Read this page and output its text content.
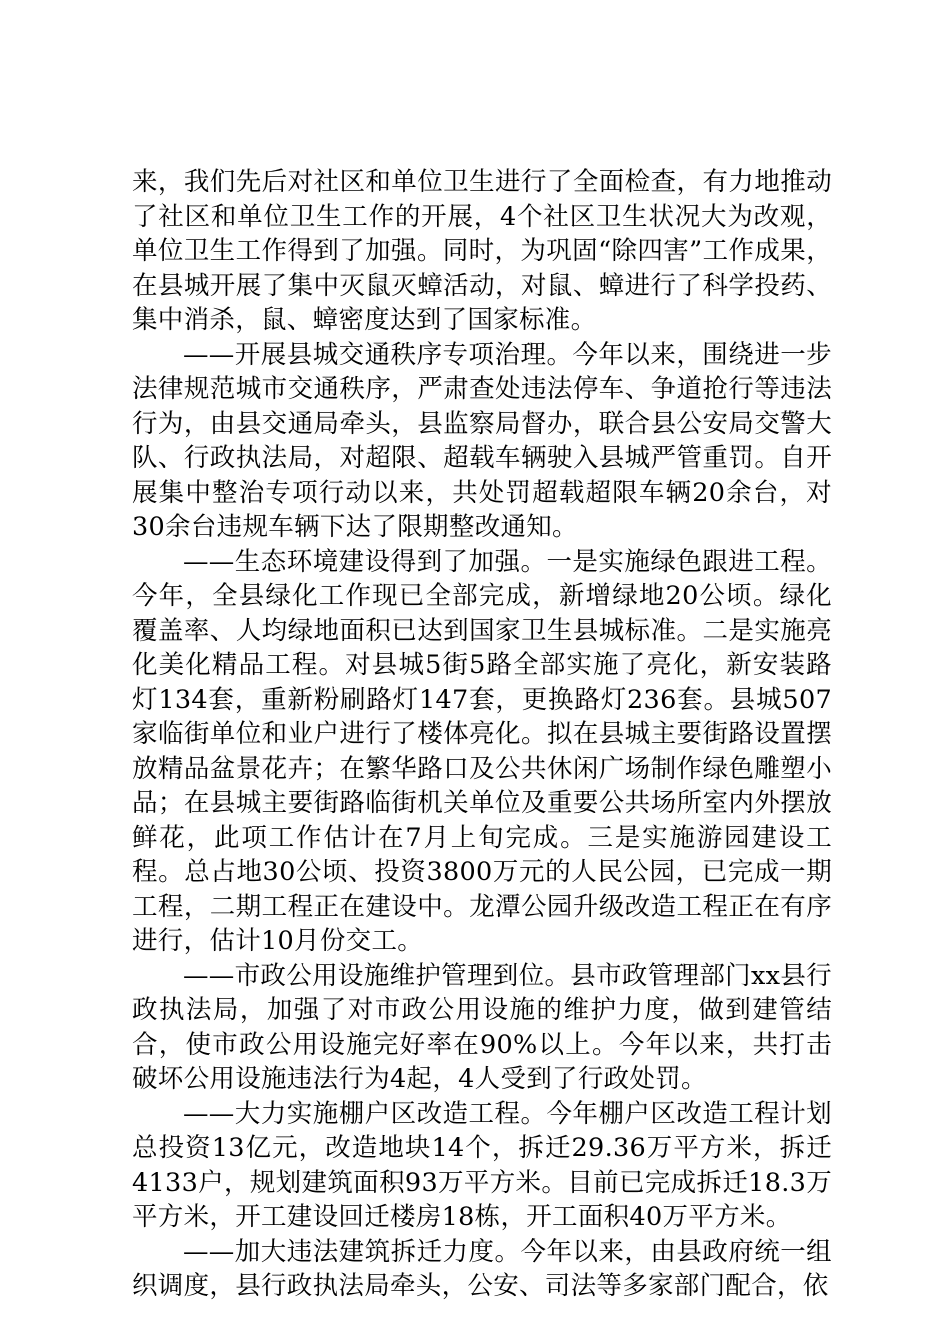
来，我们先后对社区和单位卫生进行了全面检查，有力地推动了社区和单位卫生工作的开展，4个社区卫生状况大为改观，单位卫生工作得到了加强。同时，为巩固“除四害”工作成果，在县城开展了集中灭鼠灭蟑活动，对鼠、蟑进行了科学投药、集中消杀，鼠、蟑密度达到了国家标准。

——开展县城交通秩序专项治理。今年以来，围绕进一步法律规范城市交通秩序，严肃查处违法停车、争道抢行等违法行为，由县交通局牵头，县监察局督办，联合县公安局交警大队、行政执法局，对超限、超载车辆驶入县城严管重罚。自开展集中整治专项行动以来，共处罚超载超限车辆20余台，对30余台违规车辆下达了限期整改通知。

——生态环境建设得到了加强。一是实施绿色跟进工程。今年，全县绿化工作现已全部完成，新增绿地20公顷。绿化覆盖率、人均绿地面积已达到国家卫生县城标准。二是实施亮化美化精品工程。对县城5街5路全部实施了亮化，新安装路灯134套，重新粉刷路灯147套，更换路灯236套。县城507家临街单位和业户进行了楼体亮化。拟在县城主要街路设置摆放精品盆景花卉；在繁华路口及公共休闲广场制作绿色雕塑小品；在县城主要街路临街机关单位及重要公共场所室内外摆放鲜花，此项工作估计在7月上旬完成。三是实施游园建设工程。总占地30公顷、投资3800万元的人民公园，已完成一期工程，二期工程正在建设中。龙潭公园升级改造工程正在有序进行，估计10月份交工。

——市政公用设施维护管理到位。县市政管理部门xx县行政执法局，加强了对市政公用设施的维护力度，做到建管结合，使市政公用设施完好率在90%以上。今年以来，共打击破坏公用设施违法行为4起，4人受到了行政处罚。

——大力实施棚户区改造工程。今年棚户区改造工程计划总投资13亿元，改造地块14个，拆迁29.36万平方米，拆迁4133户，规划建筑面积93万平方米。目前已完成拆迁18.3万平方米，开工建设回迁楼房18栋，开工面积40万平方米。

——加大违法建筑拆迁力度。今年以来，由县政府统一组织调度，县行政执法局牵头，公安、司法等多家部门配合，依
